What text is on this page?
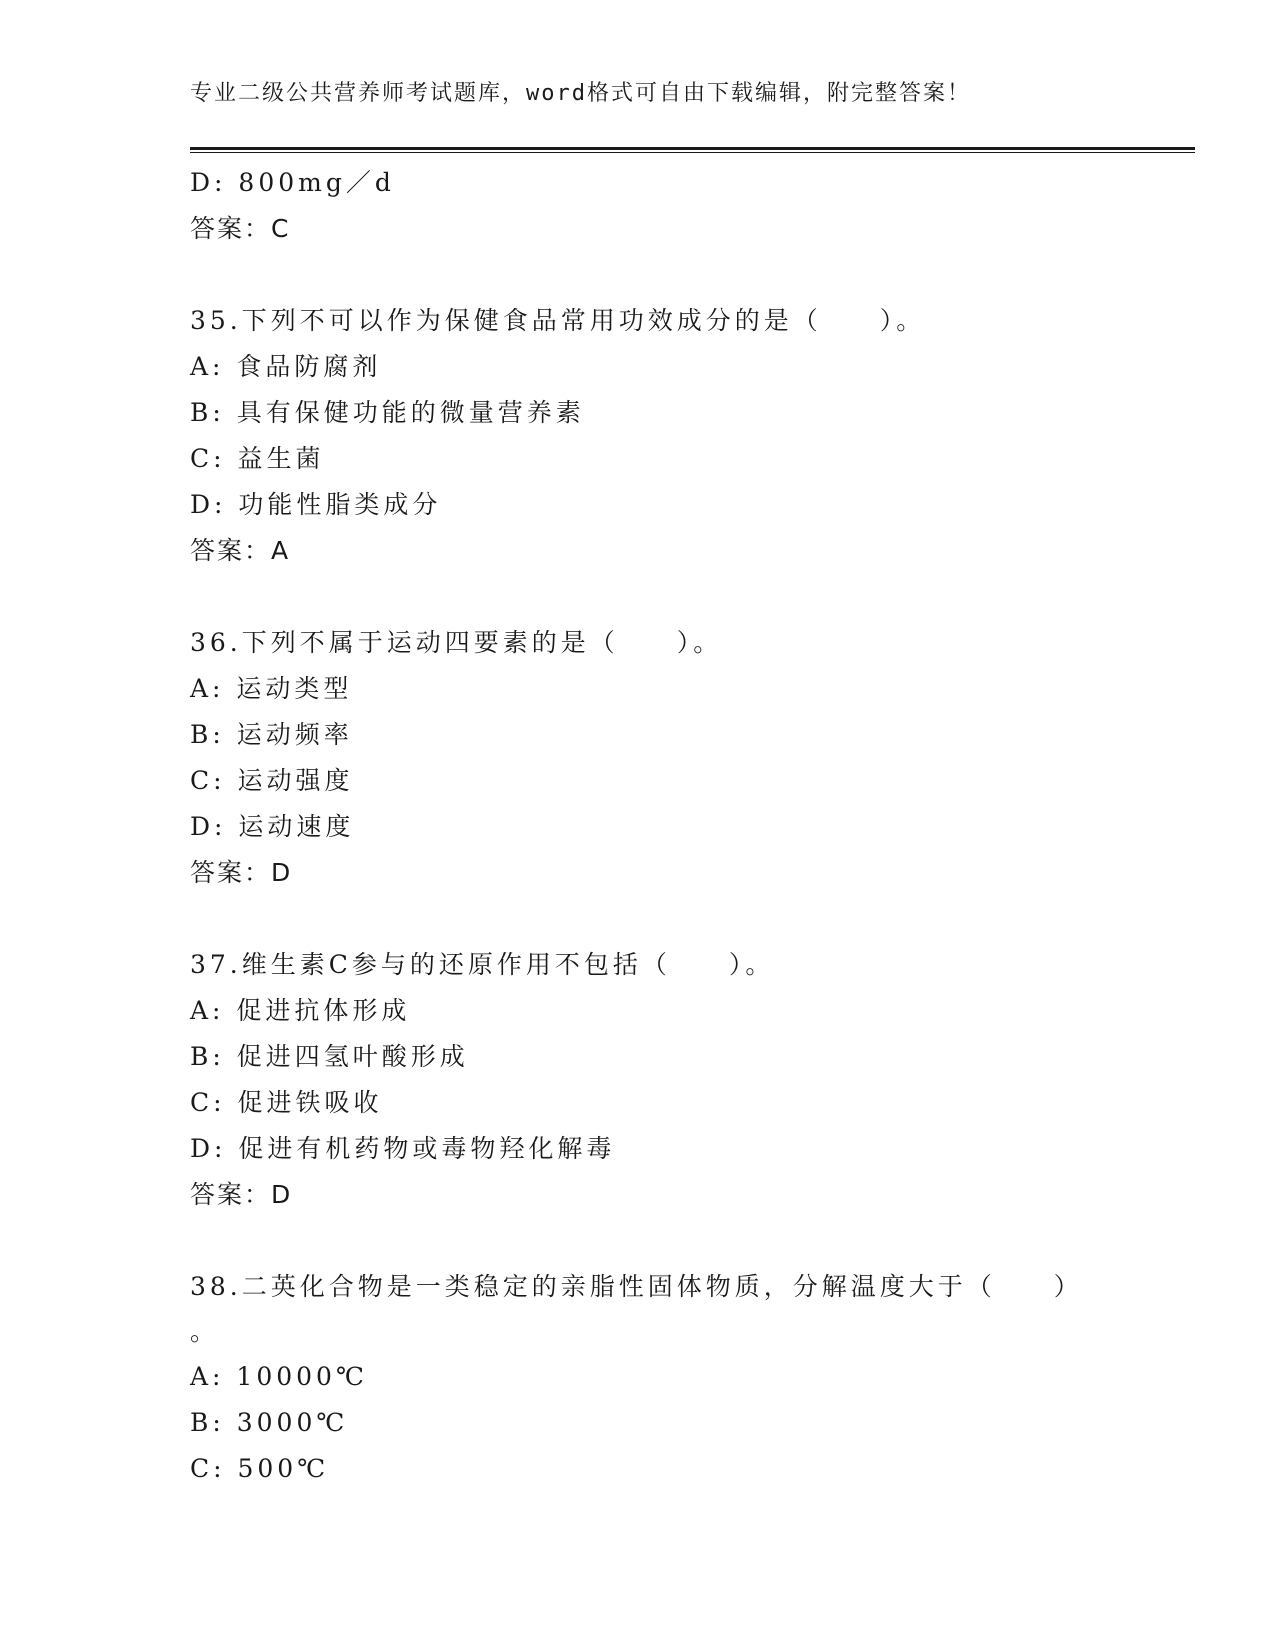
专业二级公共营养师考试题库，word格式可自由下载编辑，附完整答案！
D: 800mg／d
答案：C
35.下列不可以作为保健食品常用功效成分的是（　　）。
A: 食品防腐剂
B: 具有保健功能的微量营养素
C: 益生菌
D: 功能性脂类成分
答案：A
36.下列不属于运动四要素的是（　　）。
A: 运动类型
B: 运动频率
C: 运动强度
D: 运动速度
答案：D
37.维生素C参与的还原作用不包括（　　）。
A: 促进抗体形成
B: 促进四氢叶酸形成
C: 促进铁吸收
D: 促进有机药物或毒物羟化解毒
答案：D
38.二英化合物是一类稳定的亲脂性固体物质，分解温度大于（　　）
。
A: 10000℃
B: 3000℃
C: 500℃
